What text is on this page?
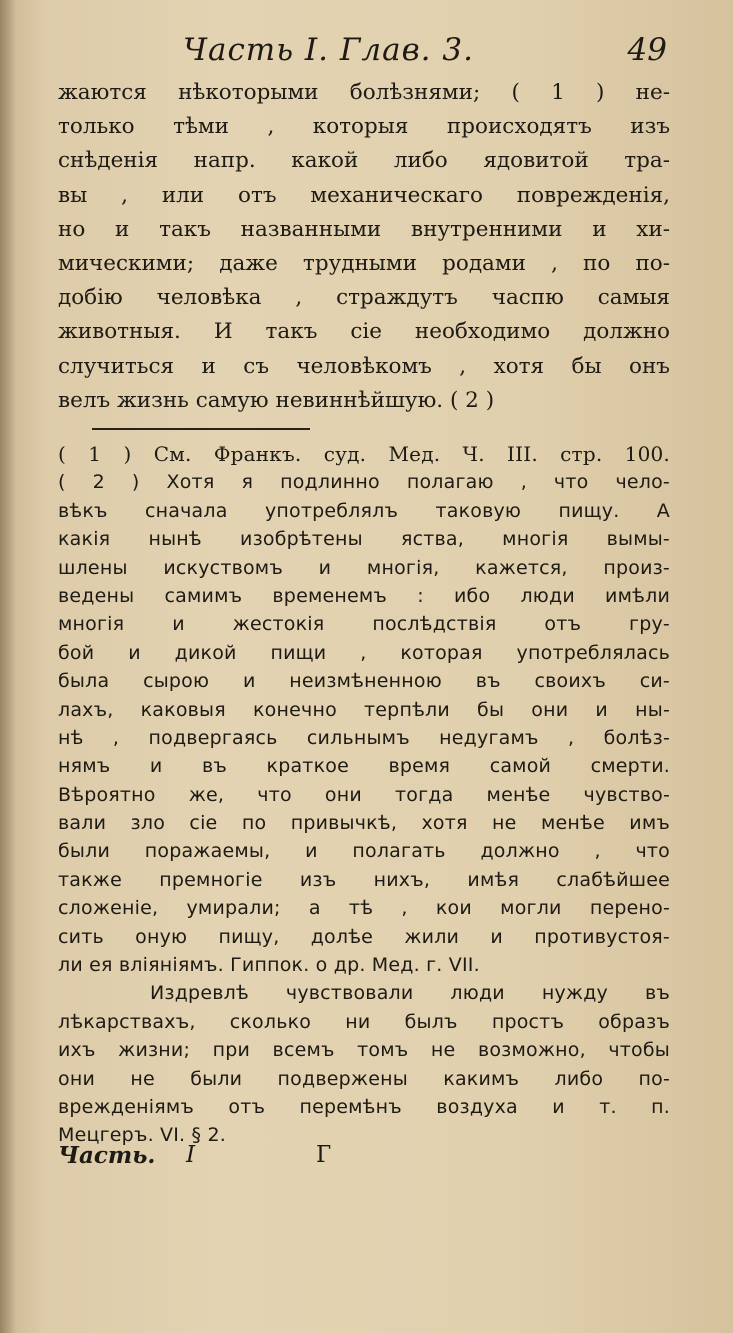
Часть I. Глав. 3.	49
жаются нѣкоторыми болѣзнями; ( 1 ) не-
только тѣми , которыя происходятъ изъ
снѣденія напр. какой либо ядовитой тра-
вы , или отъ механическаго поврежденія,
но и такъ названными внутренними и хи-
мическими; даже трудными родами , по по-
добію человѣка , страждутъ часпю самыя
животныя. И такъ сіе необходимо должно
случиться и съ человѣкомъ , хотя бы онъ
велъ жизнь самую невиннѣйшую. ( 2 )
( 1 ) См. Франкъ. суд. Мед. Ч. III. стр. 100.
( 2 ) Хотя я подлинно полагаю , что чело-
вѣкъ сначала употреблялъ таковую пищу. А
какія нынѣ изобрѣтены яства, многія вымы-
шлены искуствомъ и многія, кажется, произ-
ведены самимъ временемъ : ибо люди имѣли
многія и жестокія послѣдствія отъ гру-
бой и дикой пищи , которая употреблялась
была сырою и неизмѣненною въ своихъ си-
лахъ, каковыя конечно терпѣли бы они и ны-
нѣ , подвергаясь сильнымъ недугамъ , болѣз-
нямъ и въ краткое время самой смерти.
Вѣроятно же, что они тогда менѣе чувство-
вали зло сіе по привычкѣ, хотя не менѣе имъ
были поражаемы, и полагать должно , что
также премногіе изъ нихъ, имѣя слабѣйшее
сложеніе, умирали; а тѣ , кои могли перено-
сить оную пищу, долѣе жили и противустоя-
ли ея вліяніямъ. Гиппок. о др. Мед. г. VII.
Издревлѣ чувствовали люди нужду въ
лѣкарствахъ, сколько ни былъ простъ образъ
ихъ жизни; при всемъ томъ не возможно, чтобы
они не были подвержены какимъ либо по-
врежденіямъ отъ перемѣнъ воздуха и т. п.
Мецгеръ. VI. § 2.
Часть. I	Г
